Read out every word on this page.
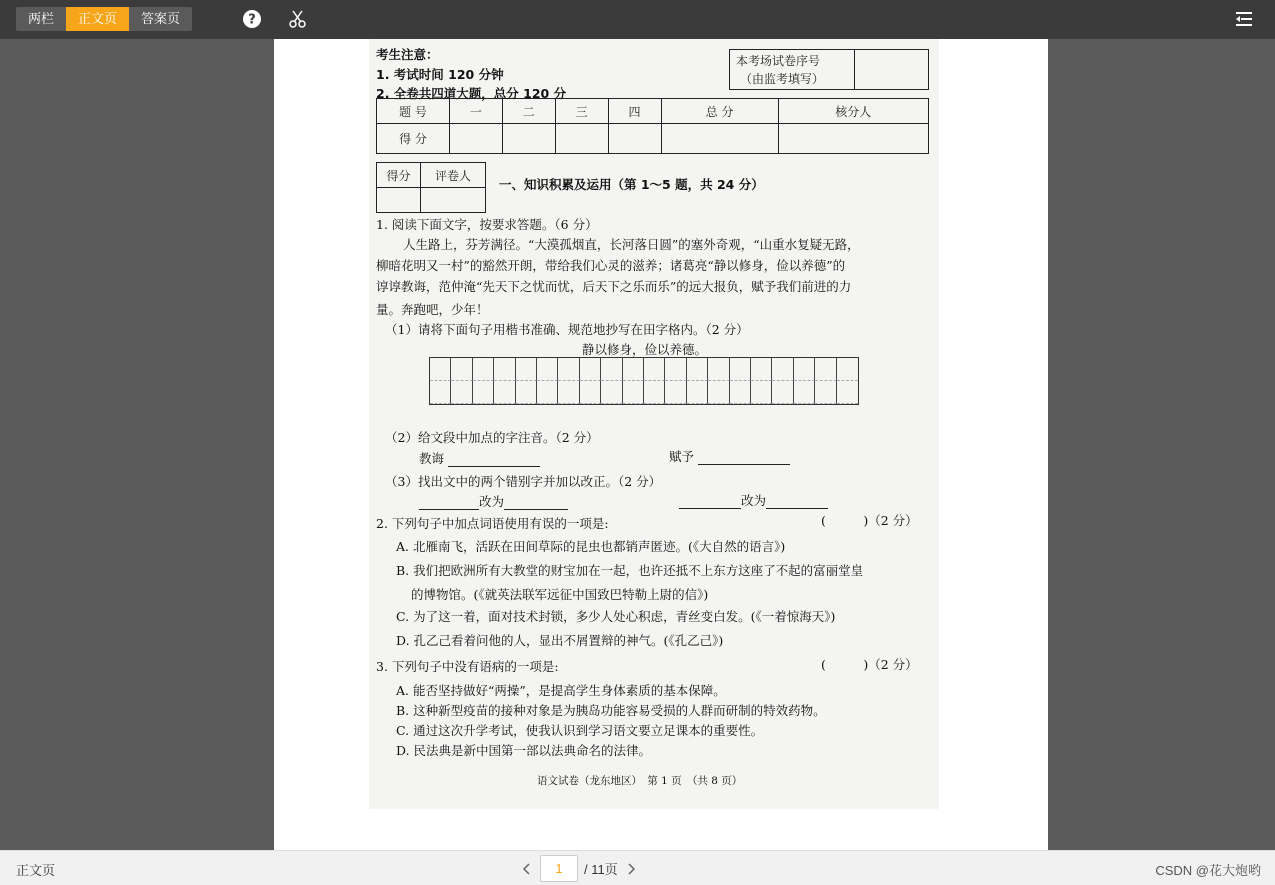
两栏	正文页	答案页	?
考生注意：
1. 考试时间 120 分钟
2. 全卷共四道大题，总分 120 分
本考场试卷序号
（由监考填写）

题 号	一	二	三	四	总 分	核分人
得 分						
得分	评卷人

一、知识积累及运用（第 1～5 题，共 24 分）
1. 阅读下面文字，按要求答题。（6 分）
人生路上，芬芳满径。“大漠孤烟直，长河落日圆”的塞外奇观，“山重水复疑无路，
柳暗花明又一村”的豁然开朗，带给我们心灵的滋养；诸葛亮“静以修身，俭以养德”的
谆谆教诲，范仲淹“先天下之忧而忧，后天下之乐而乐”的远大报负，赋予我们前进的力
量。奔跑吧，少年！
（1）请将下面句子用楷书准确、规范地抄写在田字格内。（2 分）
静以修身，俭以养德。
（2）给文段中加点的字注音。（2 分）
教诲	赋予
（3）找出文中的两个错别字并加以改正。（2 分）
改为	改为
2. 下列句子中加点词语使用有误的一项是:	(　　　)（2 分）
A. 北雁南飞，活跃在田间草际的昆虫也都销声匿迹。(《大自然的语言》)
B. 我们把欧洲所有大教堂的财宝加在一起，也许还抵不上东方这座了不起的富丽堂皇
的博物馆。(《就英法联军远征中国致巴特勒上尉的信》)
C. 为了这一着，面对技术封锁，多少人处心积虑，青丝变白发。(《一着惊海天》)
D. 孔乙己看着问他的人，显出不屑置辩的神气。(《孔乙己》)
3. 下列句子中没有语病的一项是:	(　　　)（2 分）
A. 能否坚持做好“两操”，是提高学生身体素质的基本保障。
B. 这种新型疫苗的接种对象是为胰岛功能容易受损的人群而研制的特效药物。
C. 通过这次升学考试，使我认识到学习语文要立足课本的重要性。
D. 民法典是新中国第一部以法典命名的法律。
语文试卷（龙东地区）　第 1 页　（共 8 页）
正文页
1	/ 11页	CSDN @花大炮哟
